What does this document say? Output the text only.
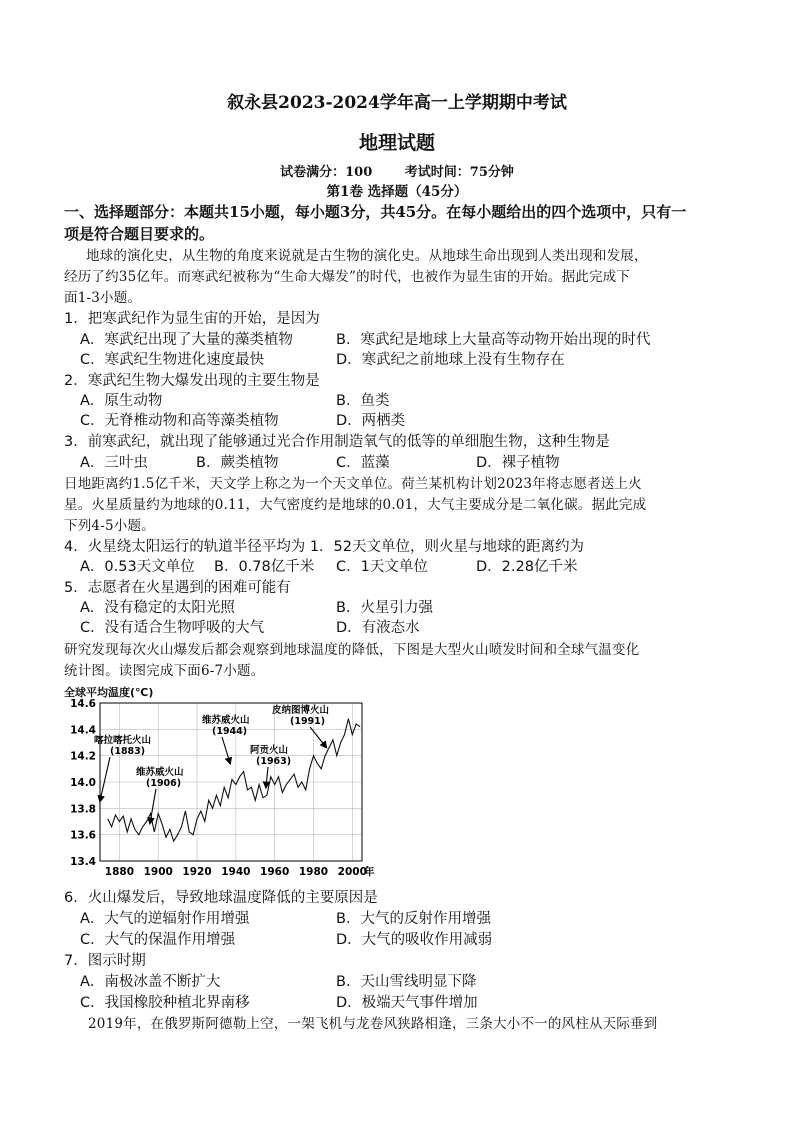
叙永县2023-2024学年高一上学期期中考试
地理试题
试卷满分：100	考试时间：75分钟
第1卷 选择题（45分）
一、选择题部分：本题共15小题，每小题3分，共45分。在每小题给出的四个选项中，只有一
项是符合题目要求的。
地球的演化史，从生物的角度来说就是古生物的演化史。从地球生命出现到人类出现和发展，
经历了约35亿年。而寒武纪被称为“生命大爆发”的时代，也被作为显生宙的开始。据此完成下
面1-3小题。
1．把寒武纪作为显生宙的开始，是因为
A．寒武纪出现了大量的藻类植物	B．寒武纪是地球上大量高等动物开始出现的时代
C．寒武纪生物进化速度最快	D．寒武纪之前地球上没有生物存在
2．寒武纪生物大爆发出现的主要生物是
A．原生动物	B．鱼类
C．无脊椎动物和高等藻类植物	D．两栖类
3．前寒武纪，就出现了能够通过光合作用制造氧气的低等的单细胞生物，这种生物是
A．三叶虫	B．蕨类植物	C．蓝藻	D．裸子植物
日地距离约1.5亿千米，天文学上称之为一个天文单位。荷兰某机构计划2023年将志愿者送上火
星。火星质量约为地球的0.11，大气密度约是地球的0.01，大气主要成分是二氧化碳。据此完成
下列4-5小题。
4．火星绕太阳运行的轨道半径平均为 1．52天文单位，则火星与地球的距离约为
A．0.53天文单位 B．0.78亿千米 C．1天文单位	D．2.28亿千米
5．志愿者在火星遇到的困难可能有
A．没有稳定的太阳光照	B．火星引力强
C．没有适合生物呼吸的大气	D．有液态水
研究发现每次火山爆发后都会观察到地球温度的降低，下图是大型火山喷发时间和全球气温变化
统计图。读图完成下面6-7小题。
全球平均温度(℃)
13.4
13.6
13.8
14.0
14.2
14.4
14.6
1880 1900 1920 1940 1960 1980 2000
年
喀拉喀托火山
(1883)
维苏威火山
(1906)
维苏威火山
(1944)
阿贡火山
(1963)
皮纳图博火山
(1991)
6．火山爆发后，导致地球温度降低的主要原因是
A．大气的逆辐射作用增强	B．大气的反射作用增强
C．大气的保温作用增强	D．大气的吸收作用减弱
7．图示时期
A．南极冰盖不断扩大	B．天山雪线明显下降
C．我国橡胶种植北界南移	D．极端天气事件增加
2019年，在俄罗斯阿德勒上空，一架飞机与龙卷风狭路相逢，三条大小不一的风柱从天际垂到
